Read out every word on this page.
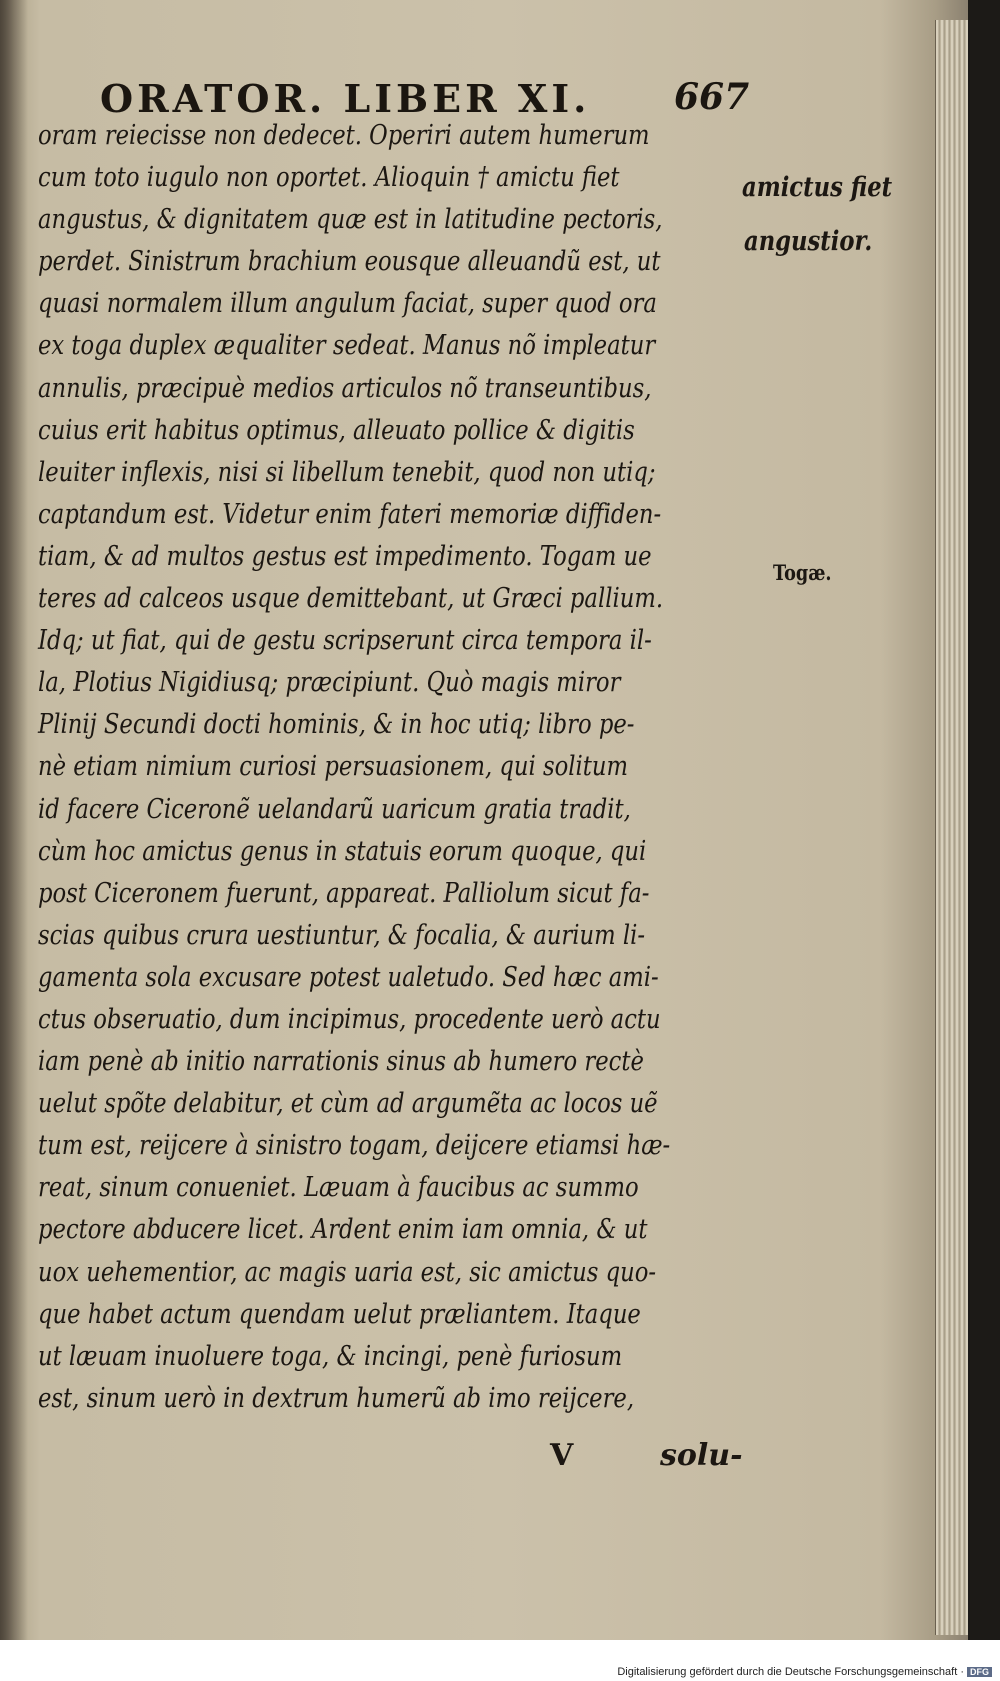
ORATOR. LIBER XI. 667
oram reiecisse non dedecet. Operiri autem humerum
cum toto iugulo non oportet. Alioquin † amictu fiet
angustus, & dignitatem quæ est in latitudine pectoris,
perdet. Sinistrum brachium eousque alleuandũ est, ut
quasi normalem illum angulum faciat, super quod ora
ex toga duplex æqualiter sedeat. Manus nõ impleatur
annulis, præcipuè medios articulos nõ transeuntibus,
cuius erit habitus optimus, alleuato pollice & digitis
leuiter inflexis, nisi si libellum tenebit, quod non utiq;
captandum est. Videtur enim fateri memoriæ diffiden-
tiam, & ad multos gestus est impedimento. Togam ue
teres ad calceos usque demittebant, ut Græci pallium.
Idq; ut fiat, qui de gestu scripserunt circa tempora il-
la, Plotius Nigidiusq; præcipiunt. Quò magis miror
Plinij Secundi docti hominis, & in hoc utiq; libro pe-
nè etiam nimium curiosi persuasionem, qui solitum
id facere Ciceronẽ uelandarũ uaricum gratia tradit,
cùm hoc amictus genus in statuis eorum quoque, qui
post Ciceronem fuerunt, appareat. Palliolum sicut fa-
scias quibus crura uestiuntur, & focalia, & aurium li-
gamenta sola excusare potest ualetudo. Sed hæc ami-
ctus obseruatio, dum incipimus, procedente uerò actu
iam penè ab initio narrationis sinus ab humero rectè
uelut spõte delabitur, et cùm ad argumẽta ac locos uẽ
tum est, reijcere à sinistro togam, deijcere etiamsi hæ-
reat, sinum conueniet. Læuam à faucibus ac summo
pectore abducere licet. Ardent enim iam omnia, & ut
uox uehementior, ac magis uaria est, sic amictus quo-
que habet actum quendam uelut præliantem. Itaque
ut læuam inuoluere toga, & incingi, penè furiosum
est, sinum uerò in dextrum humerũ ab imo reijcere,
amictus fiet
angustior.
Togæ.
V	solu-
Digitalisierung gefördert durch die Deutsche Forschungsgemeinschaft · DFG
